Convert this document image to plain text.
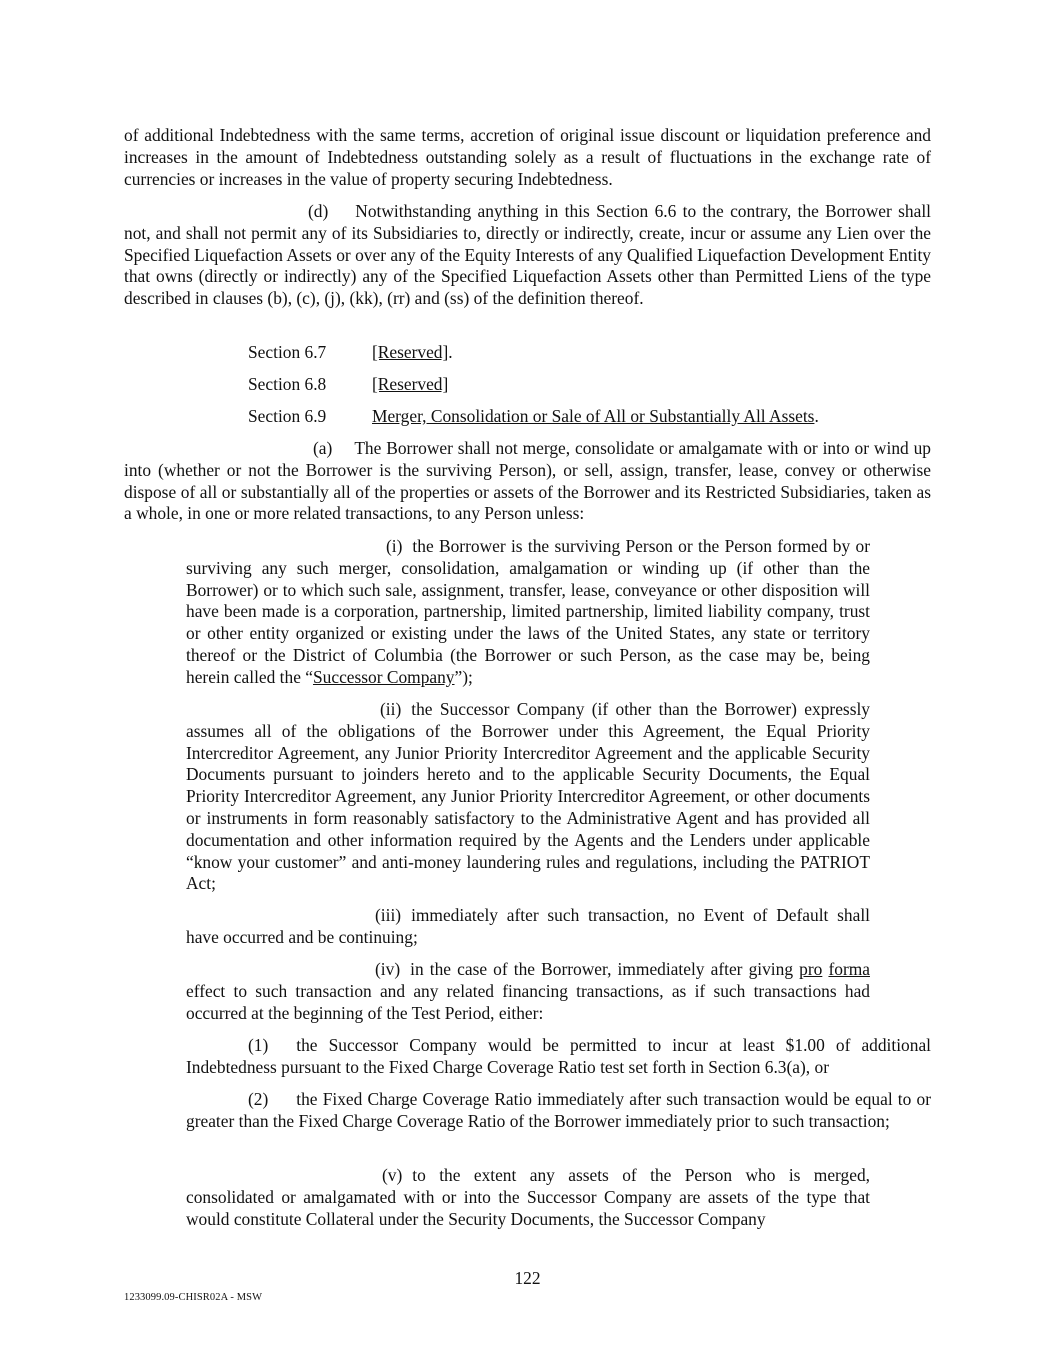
of additional Indebtedness with the same terms, accretion of original issue discount or liquidation preference and increases in the amount of Indebtedness outstanding solely as a result of fluctuations in the exchange rate of currencies or increases in the value of property securing Indebtedness.

(d) Notwithstanding anything in this Section 6.6 to the contrary, the Borrower shall not, and shall not permit any of its Subsidiaries to, directly or indirectly, create, incur or assume any Lien over the Specified Liquefaction Assets or over any of the Equity Interests of any Qualified Liquefaction Development Entity that owns (directly or indirectly) any of the Specified Liquefaction Assets other than Permitted Liens of the type described in clauses (b), (c), (j), (kk), (rr) and (ss) of the definition thereof.

Section 6.7	[Reserved].
Section 6.8	[Reserved]
Section 6.9	Merger, Consolidation or Sale of All or Substantially All Assets.

(a) The Borrower shall not merge, consolidate or amalgamate with or into or wind up into (whether or not the Borrower is the surviving Person), or sell, assign, transfer, lease, convey or otherwise dispose of all or substantially all of the properties or assets of the Borrower and its Restricted Subsidiaries, taken as a whole, in one or more related transactions, to any Person unless:

(i) the Borrower is the surviving Person or the Person formed by or surviving any such merger, consolidation, amalgamation or winding up (if other than the Borrower) or to which such sale, assignment, transfer, lease, conveyance or other disposition will have been made is a corporation, partnership, limited partnership, limited liability company, trust or other entity organized or existing under the laws of the United States, any state or territory thereof or the District of Columbia (the Borrower or such Person, as the case may be, being herein called the “Successor Company”);

(ii) the Successor Company (if other than the Borrower) expressly assumes all of the obligations of the Borrower under this Agreement, the Equal Priority Intercreditor Agreement, any Junior Priority Intercreditor Agreement and the applicable Security Documents pursuant to joinders hereto and to the applicable Security Documents, the Equal Priority Intercreditor Agreement, any Junior Priority Intercreditor Agreement, or other documents or instruments in form reasonably satisfactory to the Administrative Agent and has provided all documentation and other information required by the Agents and the Lenders under applicable “know your customer” and anti-money laundering rules and regulations, including the PATRIOT Act;

(iii) immediately after such transaction, no Event of Default shall have occurred and be continuing;

(iv) in the case of the Borrower, immediately after giving pro forma effect to such transaction and any related financing transactions, as if such transactions had occurred at the beginning of the Test Period, either:

(1) the Successor Company would be permitted to incur at least $1.00 of additional Indebtedness pursuant to the Fixed Charge Coverage Ratio test set forth in Section 6.3(a), or

(2) the Fixed Charge Coverage Ratio immediately after such transaction would be equal to or greater than the Fixed Charge Coverage Ratio of the Borrower immediately prior to such transaction;

(v) to the extent any assets of the Person who is merged, consolidated or amalgamated with or into the Successor Company are assets of the type that would constitute Collateral under the Security Documents, the Successor Company

122
1233099.09-CHISR02A - MSW
